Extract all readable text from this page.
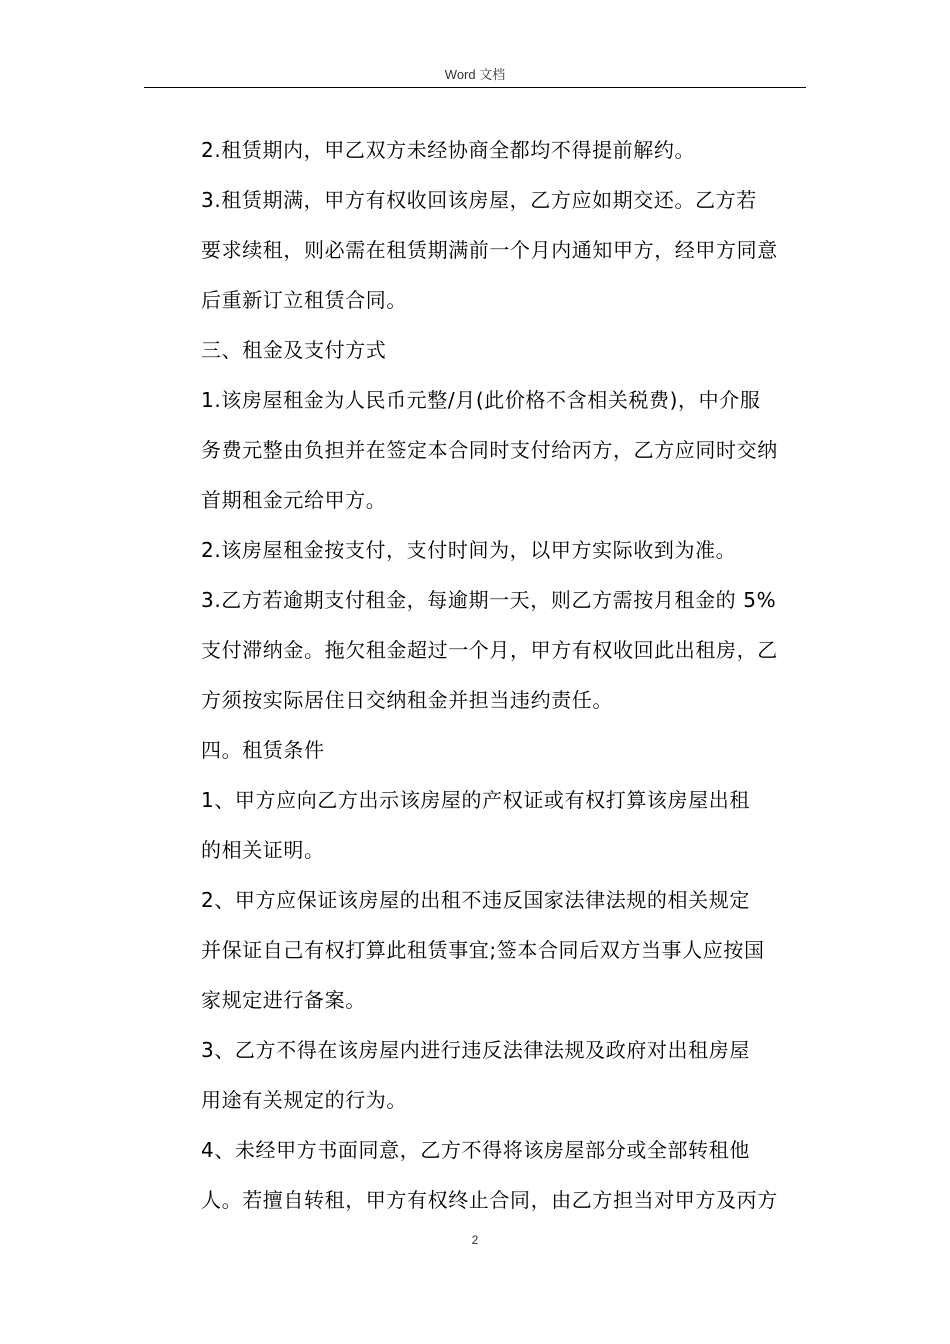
Word 文档

2.租赁期内，甲乙双方未经协商全都均不得提前解约。

3.租赁期满，甲方有权收回该房屋，乙方应如期交还。乙方若
要求续租，则必需在租赁期满前一个月内通知甲方，经甲方同意
后重新订立租赁合同。

三、租金及支付方式

1.该房屋租金为人民币元整/月(此价格不含相关税费)，中介服
务费元整由负担并在签定本合同时支付给丙方，乙方应同时交纳
首期租金元给甲方。

2.该房屋租金按支付，支付时间为，以甲方实际收到为准。

3.乙方若逾期支付租金，每逾期一天，则乙方需按月租金的 5%
支付滞纳金。拖欠租金超过一个月，甲方有权收回此出租房，乙
方须按实际居住日交纳租金并担当违约责任。

四。租赁条件

1、甲方应向乙方出示该房屋的产权证或有权打算该房屋出租
的相关证明。

2、甲方应保证该房屋的出租不违反国家法律法规的相关规定
并保证自己有权打算此租赁事宜;签本合同后双方当事人应按国
家规定进行备案。

3、乙方不得在该房屋内进行违反法律法规及政府对出租房屋
用途有关规定的行为。

4、未经甲方书面同意，乙方不得将该房屋部分或全部转租他
人。若擅自转租，甲方有权终止合同，由乙方担当对甲方及丙方

2
